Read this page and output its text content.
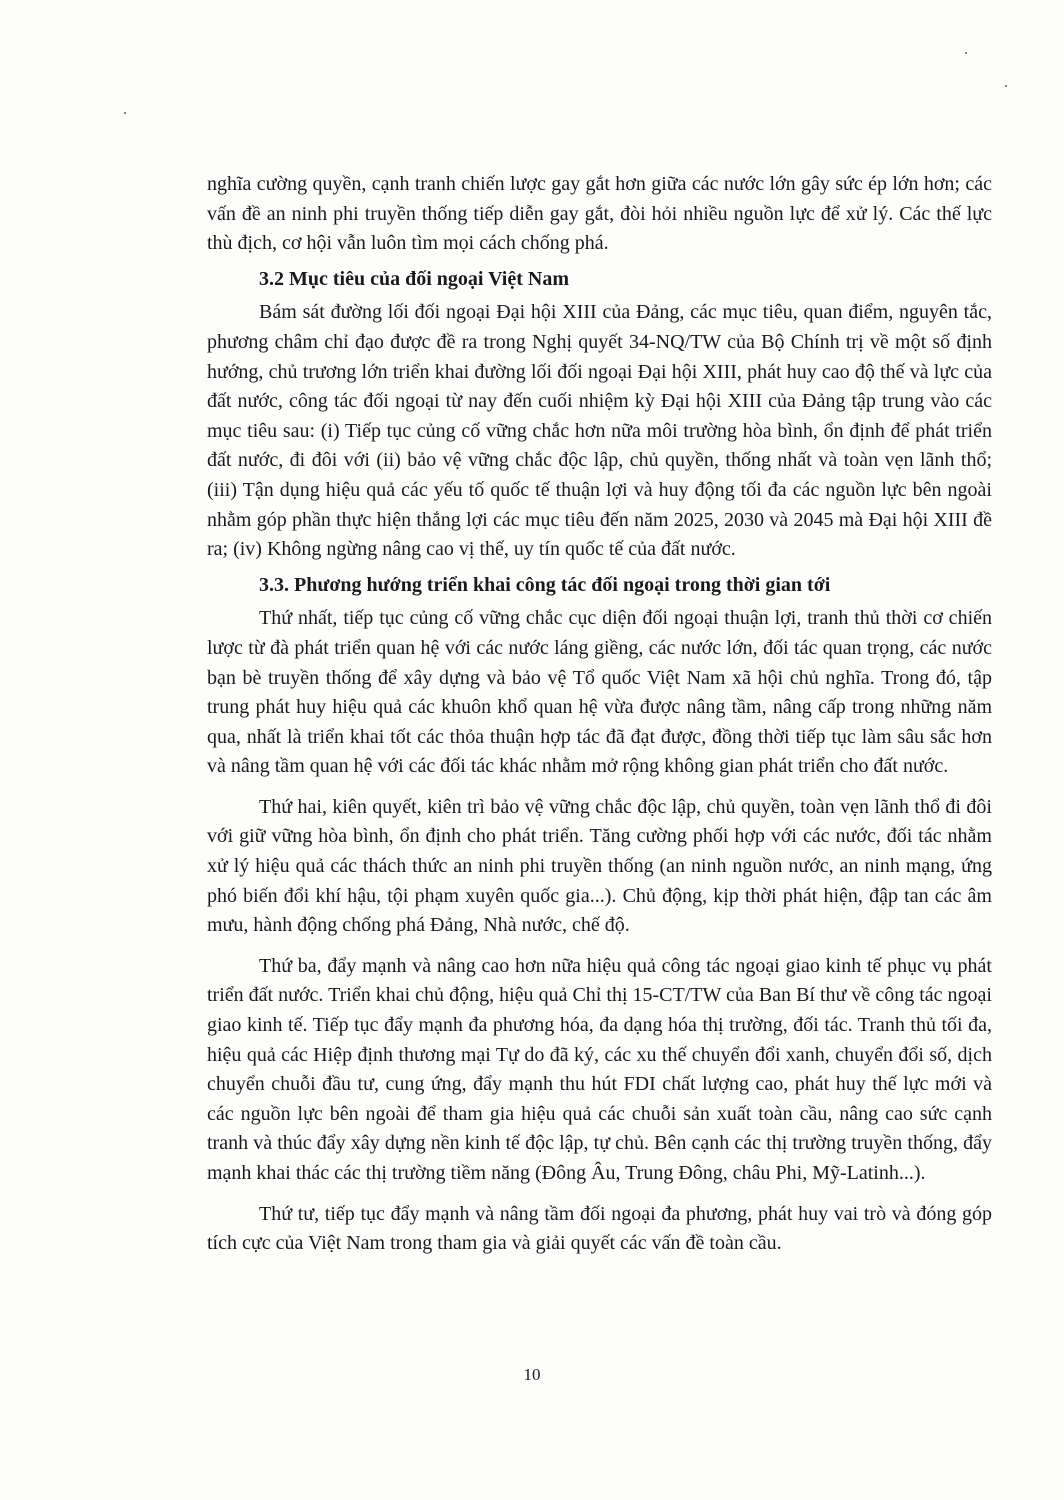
nghĩa cường quyền, cạnh tranh chiến lược gay gắt hơn giữa các nước lớn gây sức ép lớn hơn; các vấn đề an ninh phi truyền thống tiếp diễn gay gắt, đòi hỏi nhiều nguồn lực để xử lý. Các thế lực thù địch, cơ hội vẫn luôn tìm mọi cách chống phá.

3.2 Mục tiêu của đối ngoại Việt Nam

Bám sát đường lối đối ngoại Đại hội XIII của Đảng, các mục tiêu, quan điểm, nguyên tắc, phương châm chỉ đạo được đề ra trong Nghị quyết 34-NQ/TW của Bộ Chính trị về một số định hướng, chủ trương lớn triển khai đường lối đối ngoại Đại hội XIII, phát huy cao độ thế và lực của đất nước, công tác đối ngoại từ nay đến cuối nhiệm kỳ Đại hội XIII của Đảng tập trung vào các mục tiêu sau: (i) Tiếp tục củng cố vững chắc hơn nữa môi trường hòa bình, ổn định để phát triển đất nước, đi đôi với (ii) bảo vệ vững chắc độc lập, chủ quyền, thống nhất và toàn vẹn lãnh thổ; (iii) Tận dụng hiệu quả các yếu tố quốc tế thuận lợi và huy động tối đa các nguồn lực bên ngoài nhằm góp phần thực hiện thắng lợi các mục tiêu đến năm 2025, 2030 và 2045 mà Đại hội XIII đề ra; (iv) Không ngừng nâng cao vị thế, uy tín quốc tế của đất nước.

3.3. Phương hướng triển khai công tác đối ngoại trong thời gian tới

Thứ nhất, tiếp tục củng cố vững chắc cục diện đối ngoại thuận lợi, tranh thủ thời cơ chiến lược từ đà phát triển quan hệ với các nước láng giềng, các nước lớn, đối tác quan trọng, các nước bạn bè truyền thống để xây dựng và bảo vệ Tổ quốc Việt Nam xã hội chủ nghĩa. Trong đó, tập trung phát huy hiệu quả các khuôn khổ quan hệ vừa được nâng tầm, nâng cấp trong những năm qua, nhất là triển khai tốt các thỏa thuận hợp tác đã đạt được, đồng thời tiếp tục làm sâu sắc hơn và nâng tầm quan hệ với các đối tác khác nhằm mở rộng không gian phát triển cho đất nước.

Thứ hai, kiên quyết, kiên trì bảo vệ vững chắc độc lập, chủ quyền, toàn vẹn lãnh thổ đi đôi với giữ vững hòa bình, ổn định cho phát triển. Tăng cường phối hợp với các nước, đối tác nhằm xử lý hiệu quả các thách thức an ninh phi truyền thống (an ninh nguồn nước, an ninh mạng, ứng phó biến đổi khí hậu, tội phạm xuyên quốc gia...). Chủ động, kịp thời phát hiện, đập tan các âm mưu, hành động chống phá Đảng, Nhà nước, chế độ.

Thứ ba, đẩy mạnh và nâng cao hơn nữa hiệu quả công tác ngoại giao kinh tế phục vụ phát triển đất nước. Triển khai chủ động, hiệu quả Chỉ thị 15-CT/TW của Ban Bí thư về công tác ngoại giao kinh tế. Tiếp tục đẩy mạnh đa phương hóa, đa dạng hóa thị trường, đối tác. Tranh thủ tối đa, hiệu quả các Hiệp định thương mại Tự do đã ký, các xu thế chuyển đổi xanh, chuyển đổi số, dịch chuyển chuỗi đầu tư, cung ứng, đẩy mạnh thu hút FDI chất lượng cao, phát huy thế lực mới và các nguồn lực bên ngoài để tham gia hiệu quả các chuỗi sản xuất toàn cầu, nâng cao sức cạnh tranh và thúc đẩy xây dựng nền kinh tế độc lập, tự chủ. Bên cạnh các thị trường truyền thống, đẩy mạnh khai thác các thị trường tiềm năng (Đông Âu, Trung Đông, châu Phi, Mỹ-Latinh...).

Thứ tư, tiếp tục đẩy mạnh và nâng tầm đối ngoại đa phương, phát huy vai trò và đóng góp tích cực của Việt Nam trong tham gia và giải quyết các vấn đề toàn cầu.

10
